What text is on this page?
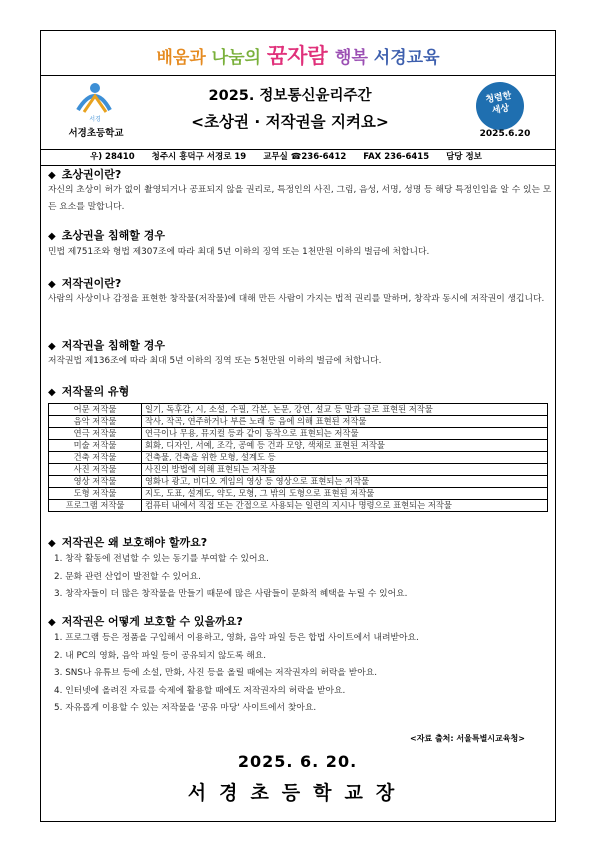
배움과 나눔의 꿈자람 행복 서경교육
서경
서경초등학교
2025. 정보통신윤리주간
<초상권 · 저작권을 지켜요>
청렴한
세상
2025.6.20
우) 28410 청주시 흥덕구 서경로 19 교무실 ☎236-6412 FAX 236-6415 담당 정보
◆ 초상권이란?
자신의 초상이 허가 없이 촬영되거나 공표되지 않을 권리로, 특정인의 사진, 그림, 음성, 서명, 성명 등 해당 특정인임을 알 수 있는 모든 요소를 말합니다.
◆ 초상권을 침해할 경우
민법 제751조와 형법 제307조에 따라 최대 5년 이하의 징역 또는 1천만원 이하의 벌금에 처합니다.
◆ 저작권이란?
사람의 사상이나 감정을 표현한 창작물(저작물)에 대해 만든 사람이 가지는 법적 권리를 말하며, 창작과 동시에 저작권이 생깁니다.
◆ 저작권을 침해할 경우
저작권법 제136조에 따라 최대 5년 이하의 징역 또는 5천만원 이하의 벌금에 처합니다.
◆ 저작물의 유형
어문 저작물	일기, 독후감, 시, 소설, 수필, 각본, 논문, 강연, 설교 등 말과 글로 표현된 저작물
음악 저작물	작사, 작곡, 연주하거나 부른 노래 등 음에 의해 표현된 저작물
연극 저작물	연극이나 무용, 뮤지컬 등과 같이 동작으로 표현되는 저작물
미술 저작물	회화, 디자인, 서예, 조각, 공예 등 건과 모양, 색채로 표현된 저작물
건축 저작물	건축물, 건축을 위한 모형, 설계도 등
사진 저작물	사진의 방법에 의해 표현되는 저작물
영상 저작물	영화나 광고, 비디오 게임의 영상 등 영상으로 표현되는 저작물
도형 저작물	지도, 도표, 설계도, 약도, 모형, 그 밖의 도형으로 표현된 저작물
프로그램 저작물	컴퓨터 내에서 직접 또는 간접으로 사용되는 일련의 지시나 명령으로 표현되는 저작물
◆ 저작권은 왜 보호해야 할까요?
1. 창작 활동에 전념할 수 있는 동기를 부여할 수 있어요.
2. 문화 관련 산업이 발전할 수 있어요.
3. 창작자들이 더 많은 창작물을 만들기 때문에 많은 사람들이 문화적 혜택을 누릴 수 있어요.
◆ 저작권은 어떻게 보호할 수 있을까요?
1. 프로그램 등은 정품을 구입해서 이용하고, 영화, 음악 파일 등은 합법 사이트에서 내려받아요.
2. 내 PC의 영화, 음악 파일 등이 공유되지 않도록 해요.
3. SNS나 유튜브 등에 소설, 만화, 사진 등을 올릴 때에는 저작권자의 허락을 받아요.
4. 인터넷에 올려진 자료를 숙제에 활용할 때에도 저작권자의 허락을 받아요.
5. 자유롭게 이용할 수 있는 저작물을 '공유 마당' 사이트에서 찾아요.
<자료 출처: 서울특별시교육청>
2025. 6. 20.
서경초등학교장
